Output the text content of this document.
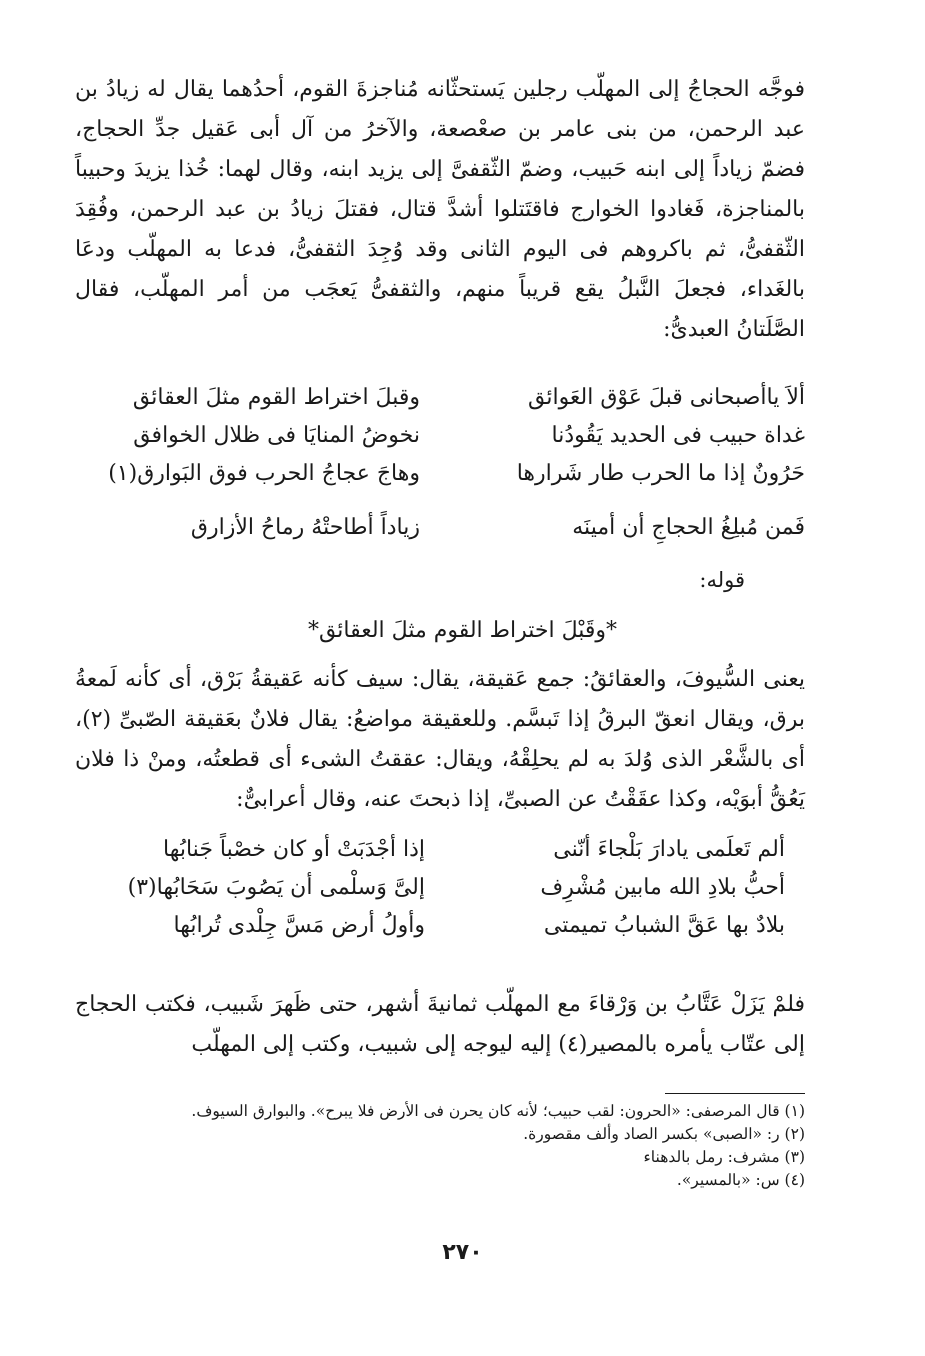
فوجَّه الحجاجُ إلى المهلّب رجلين يَستحثّانه مُناجزةَ القوم، أحدُهما يقال له زيادُ بن عبد الرحمن، من بنى عامر بن صعْصعة، والآخرُ من آل أبى عَقيل جدِّ الحجاج، فضمّ زياداً إلى ابنه حَبيب، وضمّ الثّقفىَّ إلى يزيد ابنه، وقال لهما: خُذا يزيدَ وحبيباً بالمناجزة، فَغادوا الخوارج فاقتَتلوا أشدَّ قتال، فقتلَ زيادُ بن عبد الرحمن، وفُقِدَ الثّقفىُّ، ثم باكروهم فى اليوم الثانى وقد وُجِدَ الثقفىُّ، فدعا به المهلّب ودعَا بالغَداء، فجعلَ النَّبلُ يقع قريباً منهم، والثقفىُّ يَعجَب من أمر المهلّب، فقال الصَّلَتانُ العبدىُّ:

ألاَ ياأصبحانى قبلَ عَوْق العَوائق
وقبلَ اختراط القوم مثلَ العقائق
غداة حبيب فى الحديد يَقُودُنا
نخوضُ المنايَا فى ظلال الخوافق
حَرُونٌ إذا ما الحرب طار شَرارها
وهاجَ عجاجُ الحرب فوق البَوارق(١)
فَمن مُبلِغُ الحجاجِ أن أمينَه
زياداً أطاحتْهُ رماحُ الأزارق
قوله:
*وقَبْلَ اختراط القوم مثلَ العقائق*

يعنى السُّيوفَ، والعقائقُ: جمع عَقيقة، يقال: سيف كأنه عَقيقةُ بَرْق، أى كأنه لَمعةُ برق، ويقال انعقّ البرقُ إذا تَبسَّم. وللعقيقة مواضعُ: يقال فلانٌ بعَقيقة الصّبىِّ (٢)، أى بالشَّعْر الذى وُلدَ به لم يحلِقْهُ، ويقال: عققتُ الشىء أى قطعتُه، ومنْ ذا فلان يَعُقُّ أبوَيْه، وكذا عقَقْتُ عن الصبىِّ، إذا ذبحتَ عنه، وقال أعرابىٌّ:

ألم تَعلَمى يادارَ بَلْجاءَ أنّنى
إذا أجْدَبَتْ أو كان خصْباً جَنابُها
أحبُّ بلادِ الله مابين مُشْرِف
إلىَّ وَسلْمى أن يَصُوبَ سَحَابُها(٣)
بلادٌ بها عَقَّ الشبابُ تميمتى
وأولُ أرض مَسَّ جِلْدى تُرابُها

فلمْ يَزَلْ عَتَّابُ بن وَرْقاءَ مع المهلّب ثمانيةَ أشهر، حتى ظَهرَ شَبيب، فكتب الحجاج إلى عتّاب يأمره بالمصير(٤) إليه ليوجه إلى شبيب، وكتب إلى المهلّب

(١) قال المرصفى: «الحرون: لقب حبيب؛ لأنه كان يحرن فى الأرض فلا يبرح». والبوارق السيوف.

(٢) ر: «الصبى» بكسر الصاد وألف مقصورة.

(٣) مشرف: رمل بالدهناء

(٤) س: «بالمسير».

٢٧٠
